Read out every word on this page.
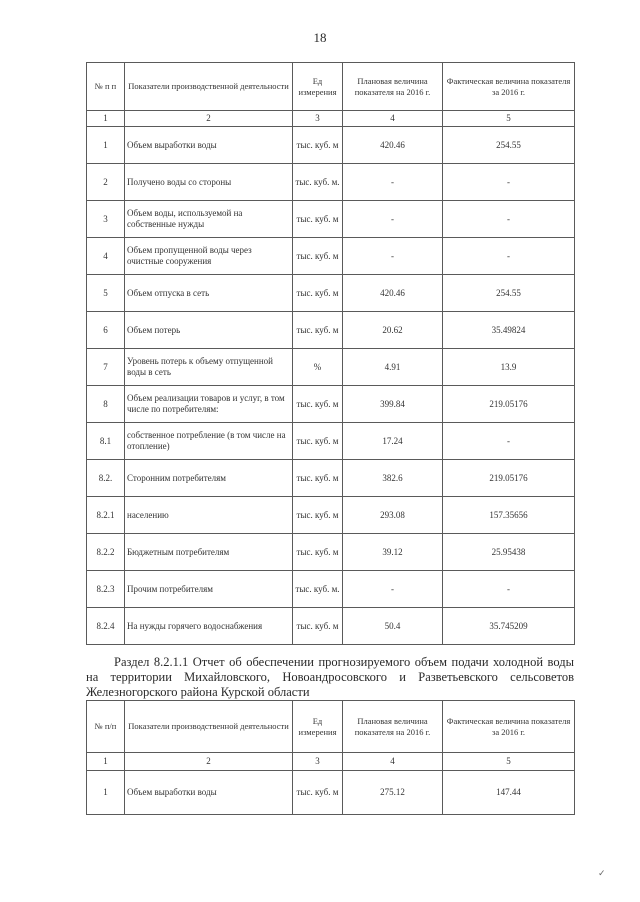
18
№ п п	Показатели производственной деятельности	Ед измерения	Плановая величина показателя на 2016 г.	Фактическая величина показателя за 2016 г.
1	2	3	4	5
1	Объем выработки воды	тыс. куб. м	420.46	254.55
2	Получено воды со стороны	тыс. куб. м.	-	-
3	Объем воды, используемой на собственные нужды	тыс. куб. м	-	-
4	Объем пропущенной воды через очистные сооружения	тыс. куб. м	-	-
5	Объем отпуска в сеть	тыс. куб. м	420.46	254.55
6	Объем потерь	тыс. куб. м	20.62	35.49824
7	Уровень потерь к объему отпущенной воды в сеть	%	4.91	13.9
8	Объем реализации товаров и услуг, в том числе по потребителям:	тыс. куб. м	399.84	219.05176
8.1	собственное потребление (в том числе на отопление)	тыс. куб. м	17.24	-
8.2.	Сторонним потребителям	тыс. куб. м	382.6	219.05176
8.2.1	населению	тыс. куб. м	293.08	157.35656
8.2.2	Бюджетным потребителям	тыс. куб. м	39.12	25.95438
8.2.3	Прочим потребителям	тыс. куб. м.	-	-
8.2.4	На нужды горячего водоснабжения	тыс. куб. м	50.4	35.745209
Раздел 8.2.1.1 Отчет об обеспечении прогнозируемого объем подачи холодной воды на территории Михайловского, Новоандросовского и Разветьевского сельсоветов Железногорского района Курской области
№ п/п	Показатели производственной деятельности	Ед измерения	Плановая величина показателя на 2016 г.	Фактическая величина показателя за 2016 г.
1	2	3	4	5
1	Объем выработки воды	тыс. куб. м	275.12	147.44
✓
